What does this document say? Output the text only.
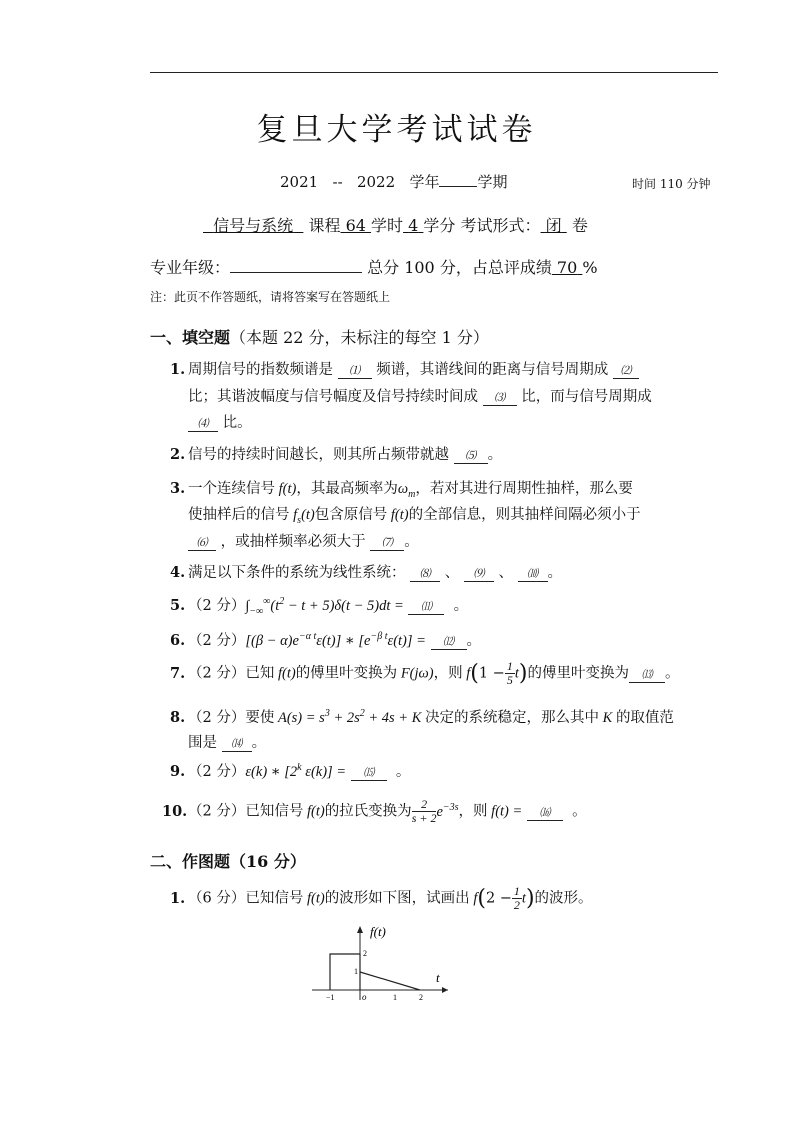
复旦大学考试试卷
2021 -- 2022 学年	学期	时间 110 分钟
信号与系统 课程 64 学时 4 学分 考试形式： 闭 卷
专业年级：	总分 100 分，占总评成绩 70 %
注：此页不作答题纸，请将答案写在答题纸上
一、填空题（本题 22 分，未标注的每空 1 分）
1. 周期信号的指数频谱是 ⑴ 频谱，其谱线间的距离与信号周期成 ⑵
比；其谐波幅度与信号幅度及信号持续时间成 ⑶ 比，而与信号周期成
⑷ 比。
2. 信号的持续时间越长，则其所占频带就越 ⑸ 。
3. 一个连续信号 f(t)，其最高频率为$\omega_m$，若对其进行周期性抽样，那么要
使抽样后的信号 $f_s(t)$包含原信号 f(t)的全部信息，则其抽样间隔必须小于
⑹ ，或抽样频率必须大于 ⑺ 。
4. 满足以下条件的系统为线性系统： ⑻ 、 ⑼ 、 ⑽ 。
5. （2 分）$\int_{-\infty}^\infty(t^2 - t + 5)\delta(t - 5)dt$ = ⑾ 。
6. （2 分）$[(\beta - \alpha)e^{-\alpha t}\varepsilon(t)]$ ∗ $[e^{-\beta t}\varepsilon(t)]$ = ⑿ 。
7. （2 分）已知 f(t)的傅里叶变换为 F(jω)，则 $f(1 - \frac{1}{5} t)$的傅里叶变换为 ⒀ 。
8. （2 分）要使 $A(s) = s^3 + 2s^2 + 4s + K$ 决定的系统稳定，那么其中 K 的取值范
围是 ⒁ 。
9. （2 分）ε(k) ∗ [2$^k$ ε(k)] = ⒂ 。
10.（2 分）已知信号 f(t)的拉氏变换为 $\frac{2}{s + 2} e^{-3s}$，则 f(t) = ⒃ 。
二、作图题（16 分）
1. （6 分）已知信号 f(t)的波形如下图，试画出 $f(2 - \frac{1}{2} t)$的波形。
f(t)
t
o
−1	1	2
2
1
